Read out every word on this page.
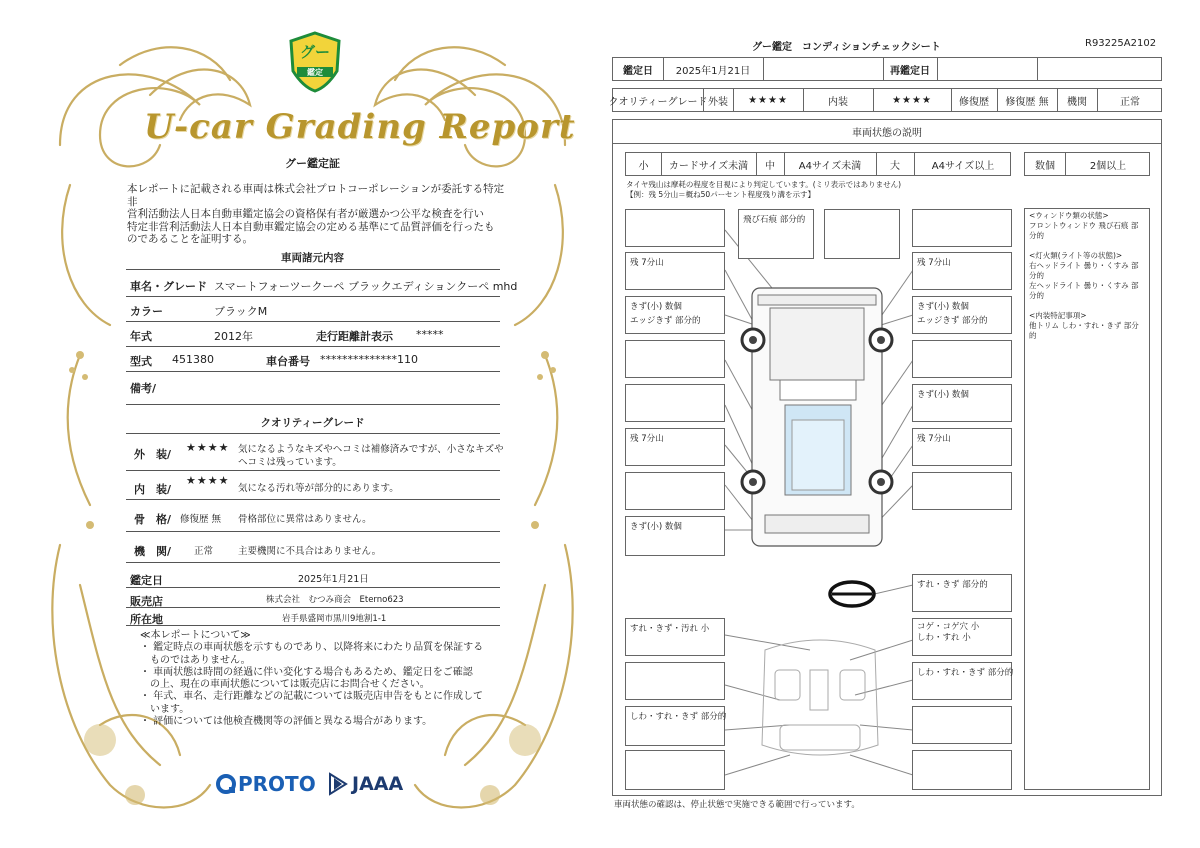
グー
鑑定
U-car Grading Report
グー鑑定証
本レポートに記載される車両は株式会社プロトコーポレーションが委託する特定非
営利活動法人日本自動車鑑定協会の資格保有者が厳選かつ公平な検査を行い
特定非営利活動法人日本自動車鑑定協会の定める基準にて品質評価を行ったも
のであることを証明する。
車両諸元内容
車名・グレード スマートフォーツークーペ ブラックエディションクーペ mhd
カラー	ブラックM
年式	2012年	走行距離計表示 *****
型式 451380	車台番号 **************110
備考/
クオリティーグレード
外　装/
★★★★ 気になるようなキズやヘコミは補修済みですが、小さなキズや
ヘコミは残っています。
内　装/
★★★★
気になる汚れ等が部分的にあります。
骨　格/ 修復歴 無 骨格部位に異常はありません。
機　関/ 正常	主要機関に不具合はありません。
鑑定日	2025年1月21日
販売店	株式会社　むつみ商会　Eterno623
所在地	岩手県盛岡市黒川9地割1-1
≪本レポートについて≫
・ 鑑定時点の車両状態を示すものであり、以降将来にわたり品質を保証する
　ものではありません。
・ 車両状態は時間の経過に伴い変化する場合もあるため、鑑定日をご確認
　の上、現在の車両状態については販売店にお問合せください。
・ 年式、車名、走行距離などの記載については販売店申告をもとに作成して
　います。
・ 評価については他検査機関等の評価と異なる場合があります。
PROTO JAAA
グー鑑定　コンディションチェックシート	R93225A2102
鑑定日	2025年1月21日	再鑑定日
クオリティーグレード 外装	★★★★	内装	★★★★	修復歴	修復歴 無	機関	正常
車両状態の説明
小	カードサイズ未満	中	A4サイズ未満	大	A4サイズ以上	数個	2個以上
タイヤ残山は摩耗の程度を目視により判定しています。(ミリ表示ではありません)
【例：残 5分山＝概ね50パーセント程度残り溝を示す】
<ウィンドウ類の状態>
フロントウィンドウ 飛び石痕 部分的
<灯火類(ライト等の状態)>
右ヘッドライト 曇り・くすみ 部分的
左ヘッドライト 曇り・くすみ 部分的
<内装特記事項>
他トリム しわ・すれ・きず 部分的
飛び石痕 部分的
残 7分山	残 7分山
きず(小) 数個
エッジきず 部分的
きず(小) 数個
エッジきず 部分的
きず(小) 数個
残 7分山	残 7分山
きず(小) 数個
すれ・きず 部分的
すれ・きず・汚れ 小	コゲ・コゲ穴 小
しわ・すれ 小
しわ・すれ・きず 部分的
しわ・すれ・きず 部分的
車両状態の確認は、停止状態で実施できる範囲で行っています。
